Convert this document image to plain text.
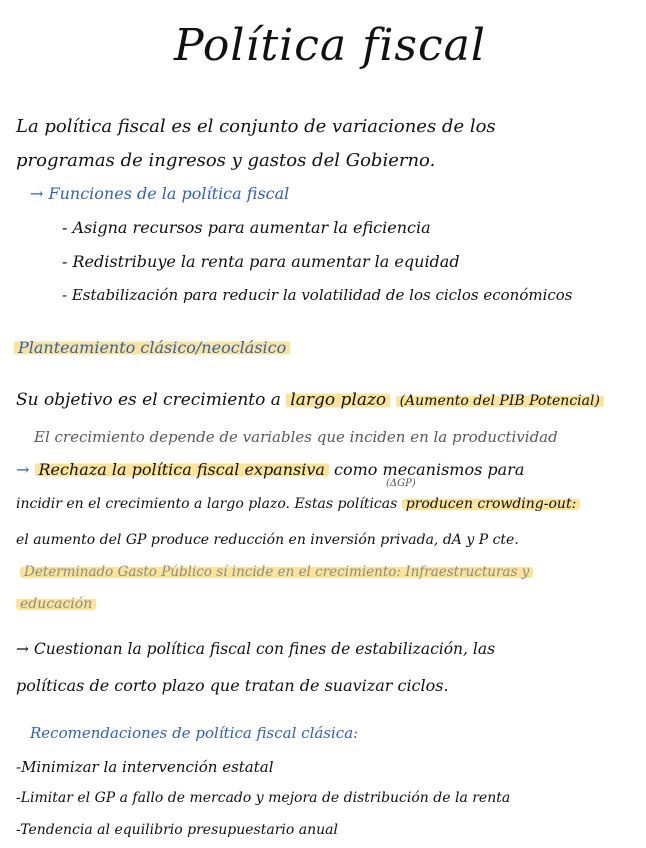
Política fiscal
La política fiscal es el conjunto de variaciones de los
programas de ingresos y gastos del Gobierno.
→ Funciones de la política fiscal
- Asigna recursos para aumentar la eficiencia
- Redistribuye la renta para aumentar la equidad
- Estabilización para reducir la volatilidad de los ciclos económicos
Planteamiento clásico/neoclásico
Su objetivo es el crecimiento a largo plazo (Aumento del PIB Potencial)
El crecimiento depende de variables que inciden en la productividad
→ Rechaza la política fiscal expansiva como mecanismos para
(ΔGP)
incidir en el crecimiento a largo plazo. Estas políticas producen crowding-out:
el aumento del GP produce reducción en inversión privada, dA y P cte.
Determinado Gasto Público sí incide en el crecimiento: Infraestructuras y
educación
→ Cuestionan la política fiscal con fines de estabilización, las
políticas de corto plazo que tratan de suavizar ciclos.
Recomendaciones de política fiscal clásica:
-Minimizar la intervención estatal
-Limitar el GP a fallo de mercado y mejora de distribución de la renta
-Tendencia al equilibrio presupuestario anual
